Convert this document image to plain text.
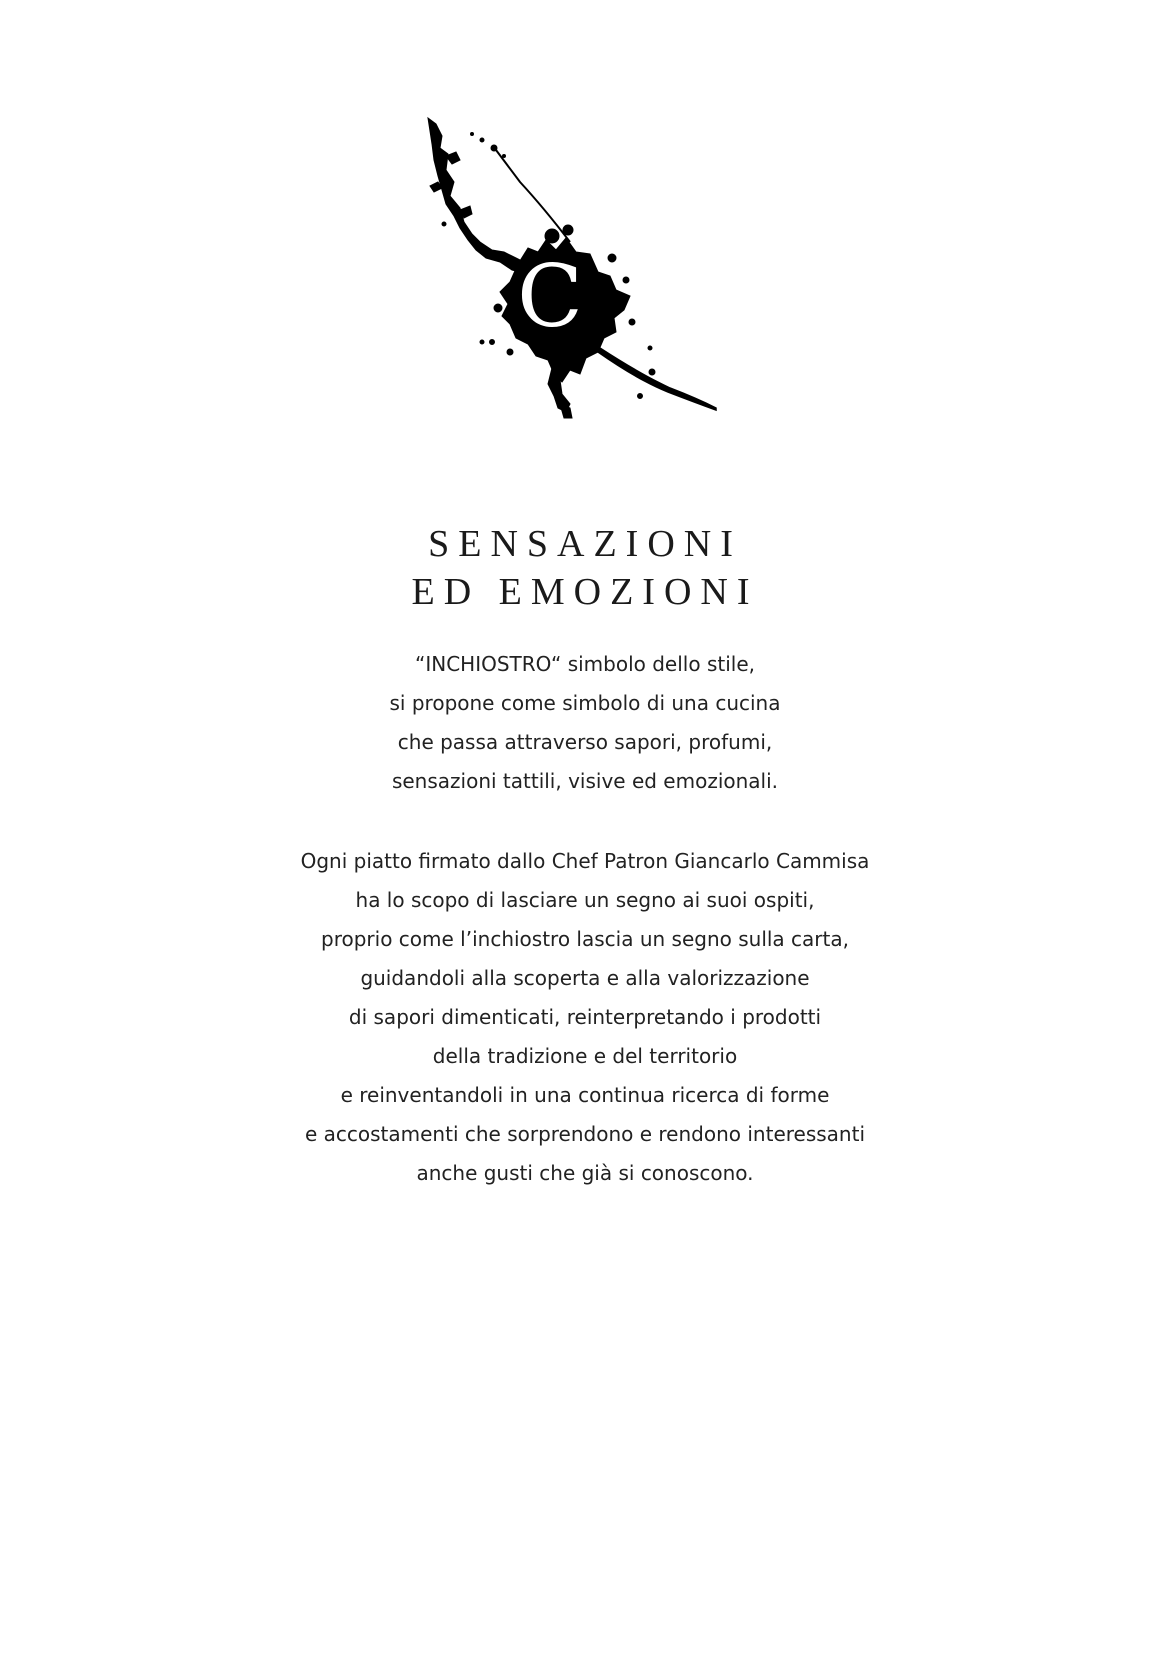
C
SENSAZIONI
ED EMOZIONI

“INCHIOSTRO“ simbolo dello stile,
si propone come simbolo di una cucina
che passa attraverso sapori, profumi,
sensazioni tattili, visive ed emozionali.

Ogni piatto firmato dallo Chef Patron Giancarlo Cammisa
ha lo scopo di lasciare un segno ai suoi ospiti,
proprio come l’inchiostro lascia un segno sulla carta,
guidandoli alla scoperta e alla valorizzazione
di sapori dimenticati, reinterpretando i prodotti
della tradizione e del territorio
e reinventandoli in una continua ricerca di forme
e accostamenti che sorprendono e rendono interessanti
anche gusti che già si conoscono.
